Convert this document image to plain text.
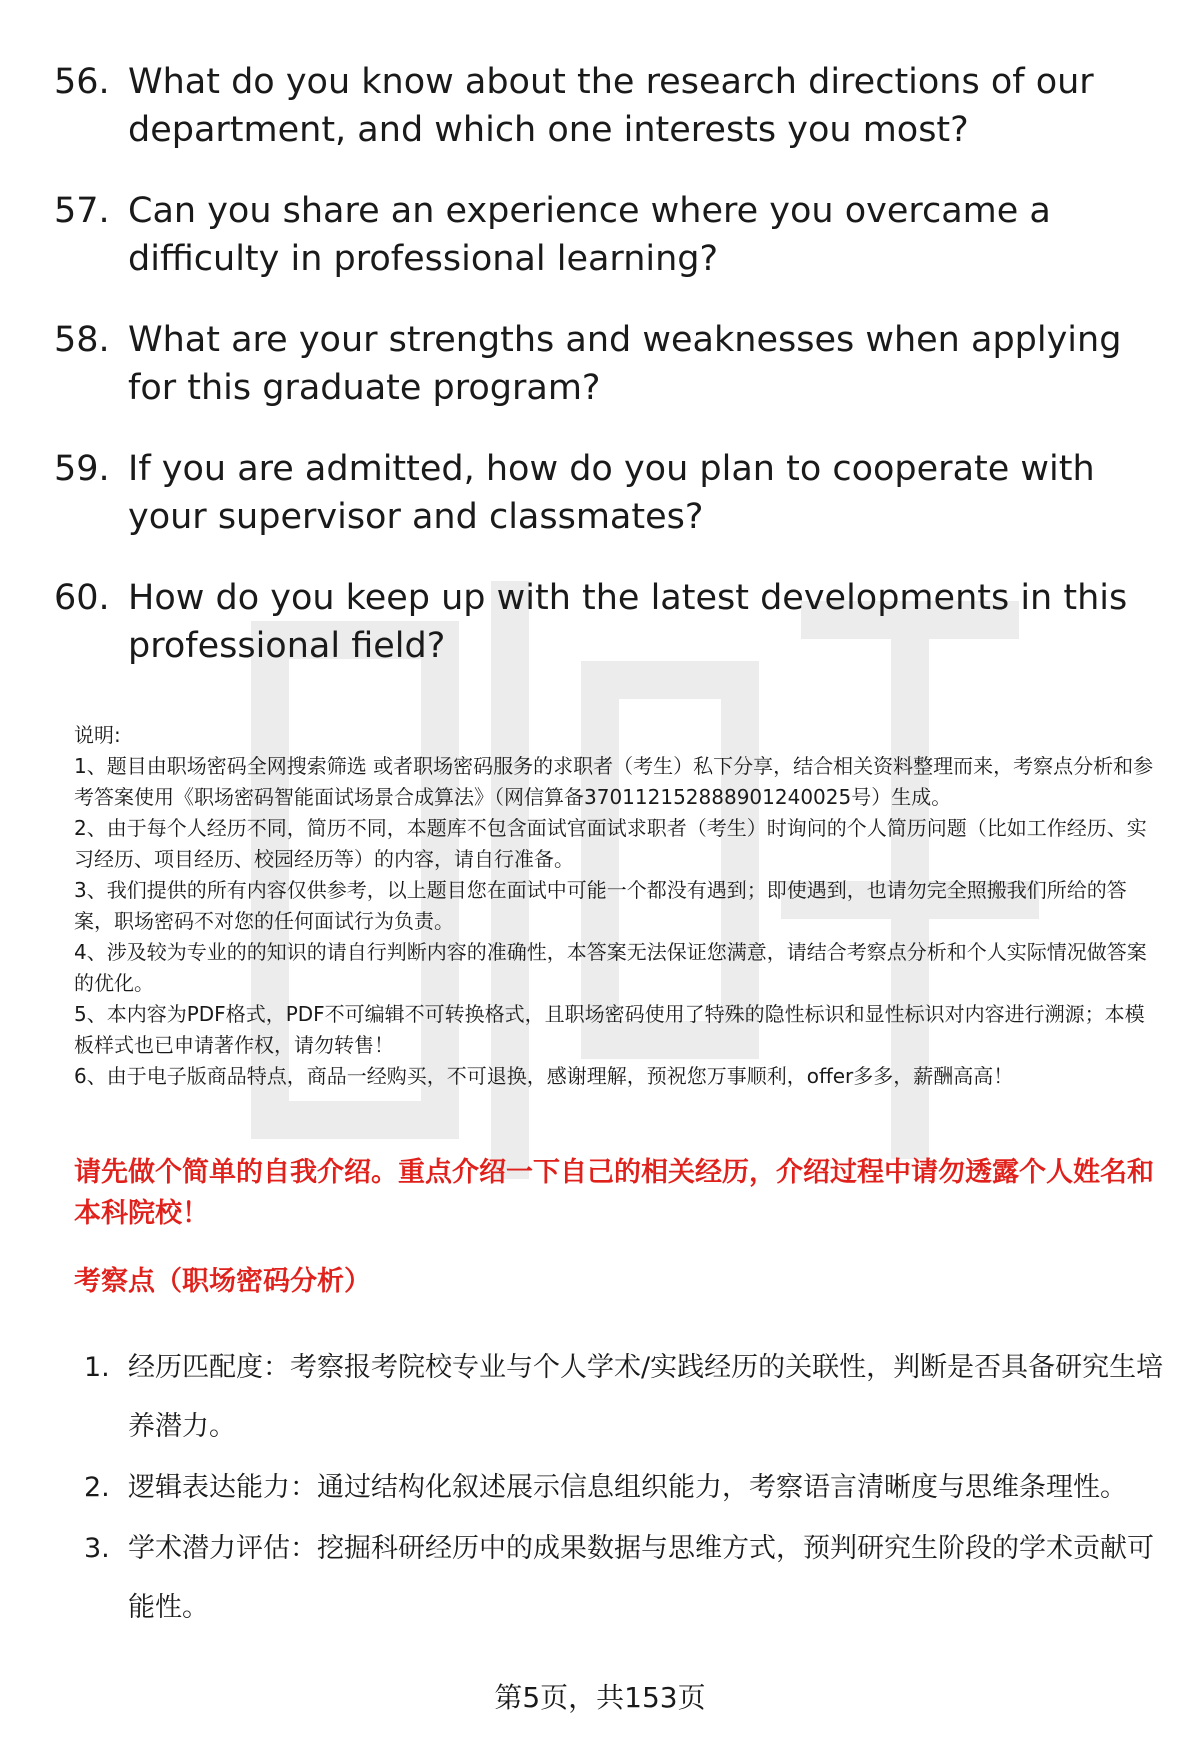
56. What do you know about the research directions of our department, and which one interests you most?
57. Can you share an experience where you overcame a difficulty in professional learning?
58. What are your strengths and weaknesses when applying for this graduate program?
59. If you are admitted, how do you plan to cooperate with your supervisor and classmates?
60. How do you keep up with the latest developments in this professional field?

说明:

1、题目由职场密码全网搜索筛选 或者职场密码服务的求职者（考生）私下分享，结合相关资料整理而来，考察点分析和参考答案使用《职场密码智能面试场景合成算法》（网信算备370112152888901240025号）生成。

2、由于每个人经历不同，简历不同，本题库不包含面试官面试求职者（考生）时询问的个人简历问题（比如工作经历、实习经历、项目经历、校园经历等）的内容，请自行准备。

3、我们提供的所有内容仅供参考，以上题目您在面试中可能一个都没有遇到；即使遇到，也请勿完全照搬我们所给的答案，职场密码不对您的任何面试行为负责。

4、涉及较为专业的的知识的请自行判断内容的准确性，本答案无法保证您满意，请结合考察点分析和个人实际情况做答案的优化。

5、本内容为PDF格式，PDF不可编辑不可转换格式，且职场密码使用了特殊的隐性标识和显性标识对内容进行溯源；本模板样式也已申请著作权，请勿转售！

6、由于电子版商品特点，商品一经购买，不可退换，感谢理解，预祝您万事顺利，offer多多，薪酬高高！

请先做个简单的自我介绍。重点介绍一下自己的相关经历，介绍过程中请勿透露个人姓名和本科院校！
考察点（职场密码分析）
1. 经历匹配度：考察报考院校专业与个人学术/实践经历的关联性，判断是否具备研究生培养潜力。
2. 逻辑表达能力：通过结构化叙述展示信息组织能力，考察语言清晰度与思维条理性。
3. 学术潜力评估：挖掘科研经历中的成果数据与思维方式，预判研究生阶段的学术贡献可能性。
第5页，共153页
